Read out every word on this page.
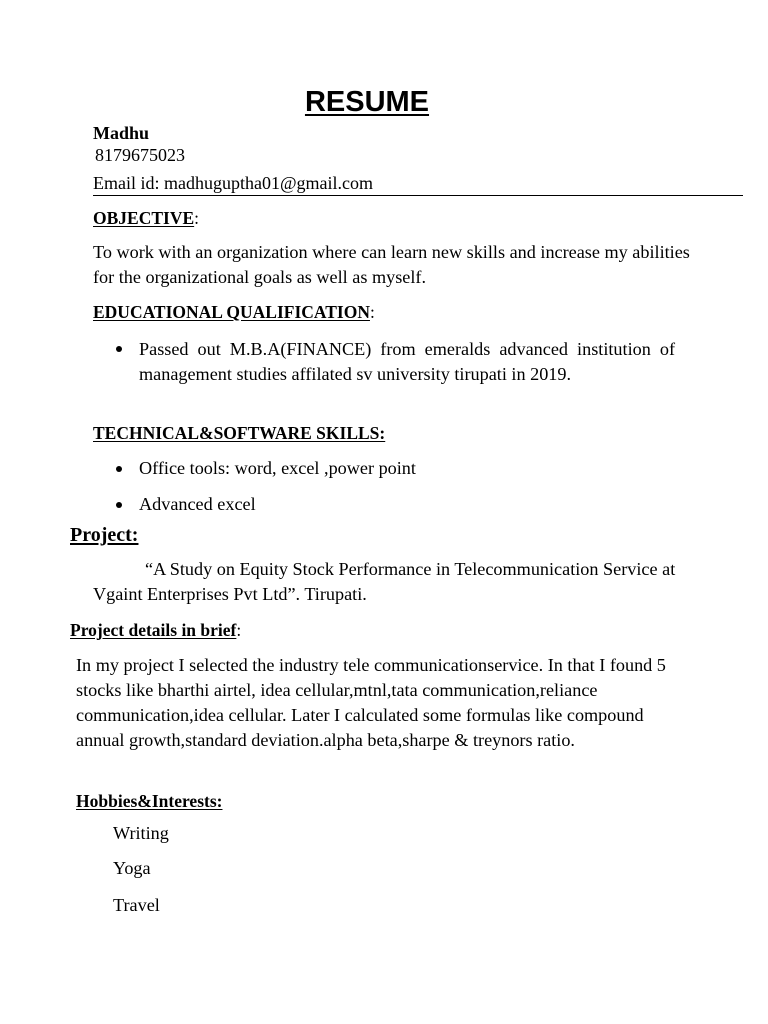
RESUME
Madhu
8179675023
Email id: madhuguptha01@gmail.com
OBJECTIVE:
To work with an organization where can learn new skills and increase my abilities for the organizational goals as well as myself.
EDUCATIONAL QUALIFICATION:
Passed out M.B.A(FINANCE) from emeralds advanced institution of management studies affilated sv university tirupati in 2019.
TECHNICAL&SOFTWARE SKILLS:
Office tools: word, excel ,power point
Advanced excel
Project:
“A Study on Equity Stock Performance in Telecommunication Service at Vgaint Enterprises Pvt Ltd”. Tirupati.
Project details in brief:
In my project I selected the industry tele communicationservice. In that I found 5 stocks like bharthi airtel, idea cellular,mtnl,tata communication,reliance communication,idea cellular. Later I calculated some formulas like compound annual growth,standard deviation.alpha beta,sharpe & treynors ratio.
Hobbies&Interests:
Writing
Yoga
Travel
